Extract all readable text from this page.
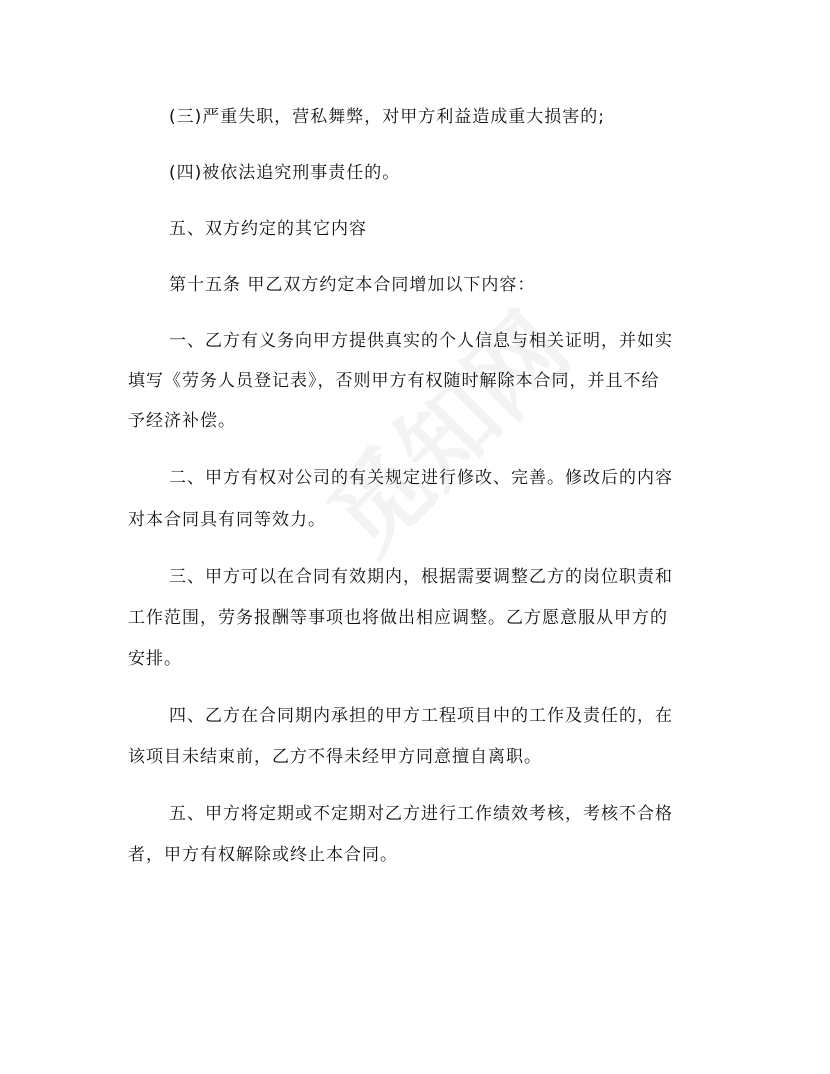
(三)严重失职，营私舞弊，对甲方利益造成重大损害的;
(四)被依法追究刑事责任的。
五、双方约定的其它内容
第十五条 甲乙双方约定本合同增加以下内容：
一、乙方有义务向甲方提供真实的个人信息与相关证明，并如实
填写《劳务人员登记表》，否则甲方有权随时解除本合同，并且不给
予经济补偿。
二、甲方有权对公司的有关规定进行修改、完善。修改后的内容
对本合同具有同等效力。
三、甲方可以在合同有效期内，根据需要调整乙方的岗位职责和
工作范围，劳务报酬等事项也将做出相应调整。乙方愿意服从甲方的
安排。
四、乙方在合同期内承担的甲方工程项目中的工作及责任的，在
该项目未结束前，乙方不得未经甲方同意擅自离职。
五、甲方将定期或不定期对乙方进行工作绩效考核，考核不合格
者，甲方有权解除或终止本合同。
